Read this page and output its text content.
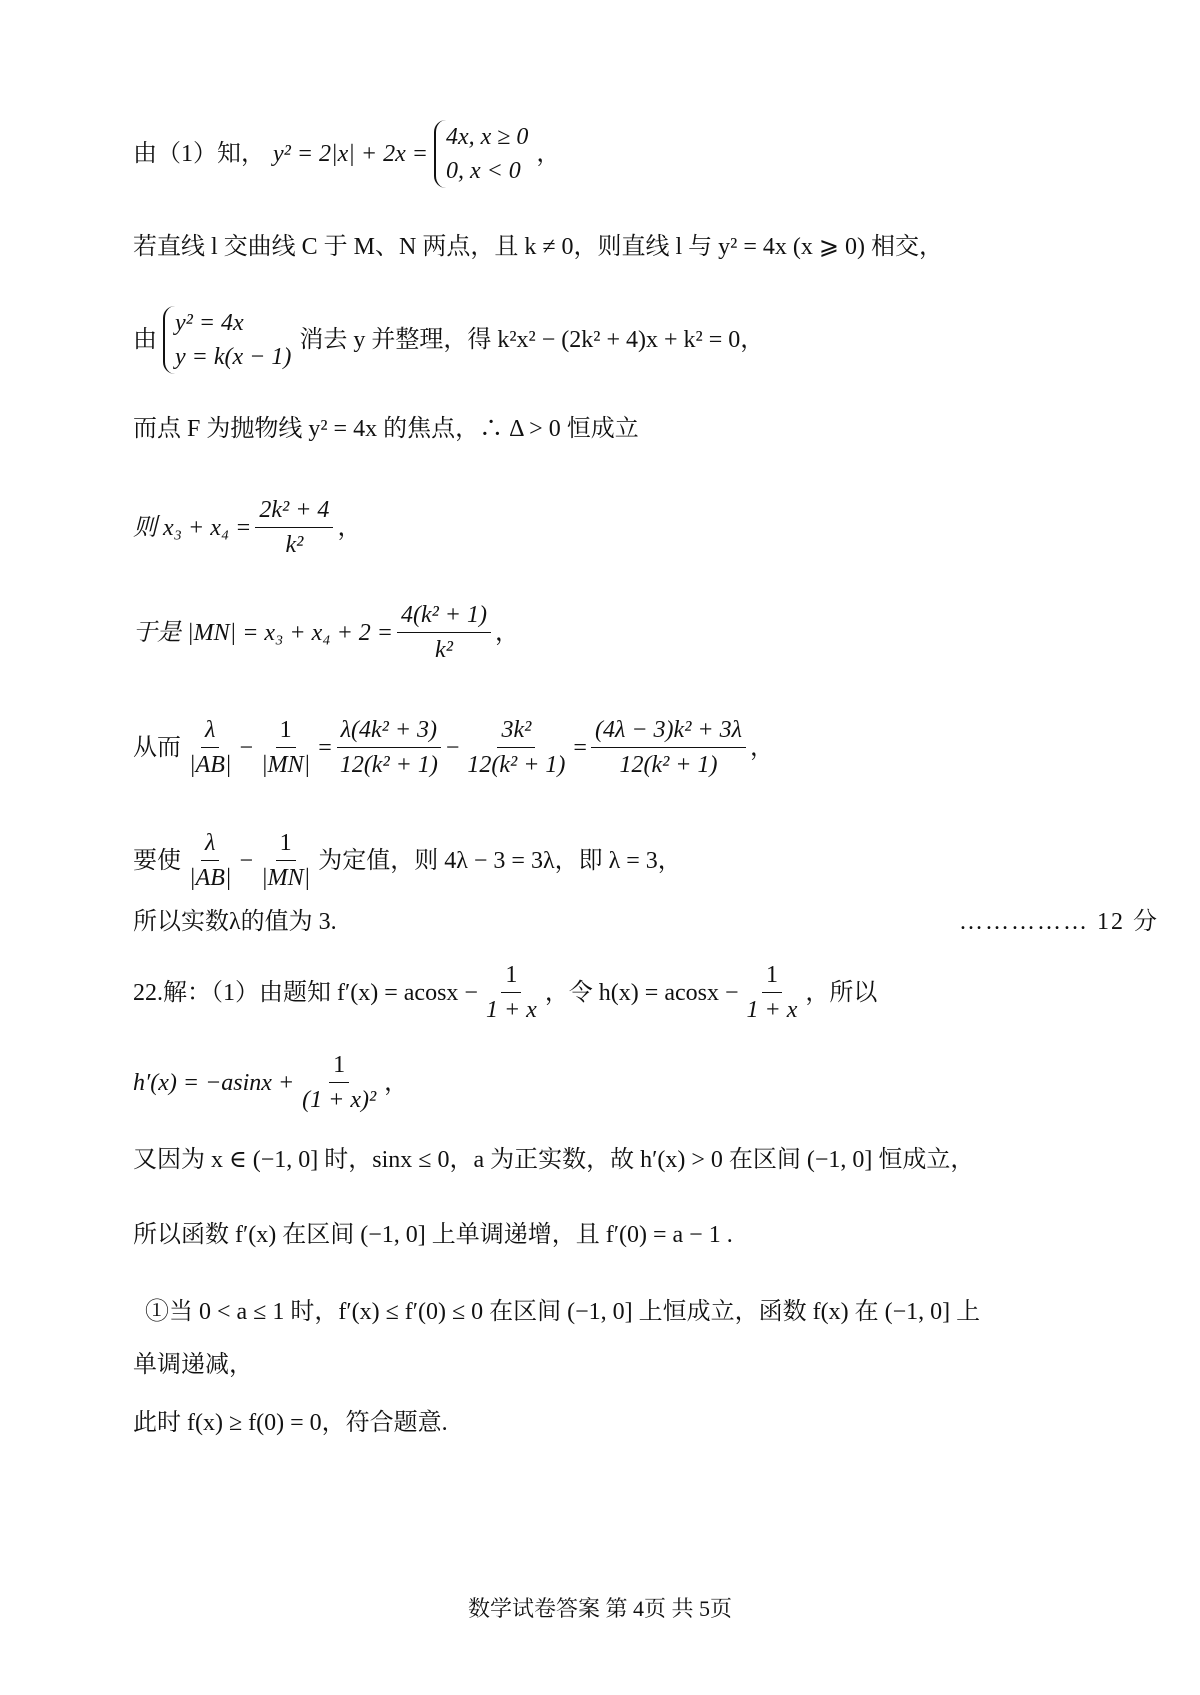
由（1）知， y² = 2|x| + 2x =
4x, x ≥ 0
0, x < 0
，
若直线 l 交曲线 C 于 M、N 两点，且 k ≠ 0，则直线 l 与 y² = 4x (x ⩾ 0) 相交，
由
y² = 4x
y = k(x − 1)
消去 y 并整理，得 k²x² − (2k² + 4)x + k² = 0，
而点 F 为抛物线 y² = 4x 的焦点，∴ Δ > 0 恒成立
则 $x_3 + x_4 = \frac{\text{2k² + 4}}{\text{k²}}$ ，
于是 $|MN| = x_3 + x_4 + 2 = \frac{\text{4(k² + 1)}}{\text{k²}}$ ，
从而 $\frac{\lambda}{|AB|} - \frac{1}{|MN|} = \frac{\text{λ(4k² + 3)}}{\text{12(k² + 1)}} - \frac{\text{3k²}}{\text{12(k² + 1)}} = \frac{\text{(4λ − 3)k² + 3λ}}{\text{12(k² + 1)}}$ ，
要使 $\frac{\lambda}{|AB|} - \frac{1}{|MN|}$ 为定值，则 4λ − 3 = 3λ，即 λ = 3，
所以实数λ的值为 3.	…………… 12 分
22.解：（1）由题知 $f'(x) = acosx - \frac{1}{1 + x}$ ，令 $h(x) = acosx - \frac{1}{1 + x}$ ，所以
$h'(x) = -asinx + \frac{1}{\text{(1 + x)²}}$ ，
又因为 x ∈ (−1, 0] 时，sinx ≤ 0，a 为正实数，故 h′(x) > 0 在区间 (−1, 0] 恒成立，
所以函数 f′(x) 在区间 (−1, 0] 上单调递增，且 f′(0) = a − 1 .
①当 0 < a ≤ 1 时，f′(x) ≤ f′(0) ≤ 0 在区间 (−1, 0] 上恒成立，函数 f(x) 在 (−1, 0] 上
单调递减，
此时 f(x) ≥ f(0) = 0，符合题意.
数学试卷答案 第 4页 共 5页
